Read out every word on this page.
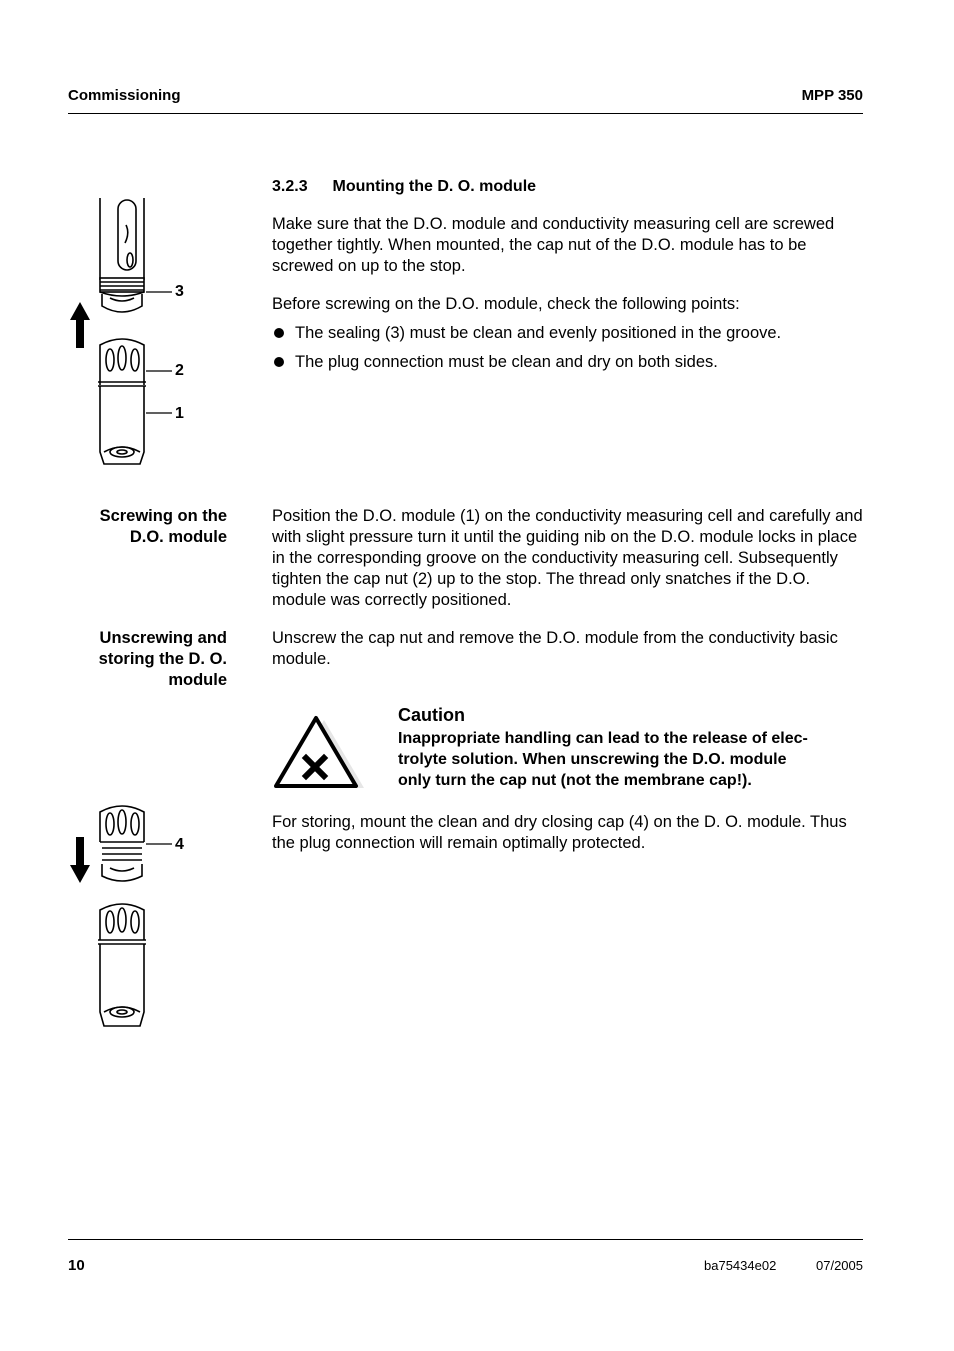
Commissioning	MPP 350
3.2.3 Mounting the D. O. module
Make sure that the D.O. module and conductivity measuring cell are screwed together tightly. When mounted, the cap nut of the D.O. module has to be screwed on up to the stop.
Before screwing on the D.O. module, check the following points:
The sealing (3) must be clean and evenly positioned in the groove.
The plug connection must be clean and dry on both sides.
3
2
1
Screwing on the
D.O. module
Position the D.O. module (1) on the conductivity measuring cell and carefully and with slight pressure turn it until the guiding nib on the D.O. module locks in place in the corresponding groove on the conductivity measuring cell. Subsequently tighten the cap nut (2) up to the stop. The thread only snatches if the D.O. module was correctly positioned.
Unscrewing and
storing the D. O.
module
Unscrew the cap nut and remove the D.O. module from the conductivity basic module.
Caution
Inappropriate handling can lead to the release of elec-
trolyte solution. When unscrewing the D.O. module
only turn the cap nut (not the membrane cap!).
For storing, mount the clean and dry closing cap (4) on the D. O. module. Thus the plug connection will remain optimally protected.
4
10	ba75434e02	07/2005
